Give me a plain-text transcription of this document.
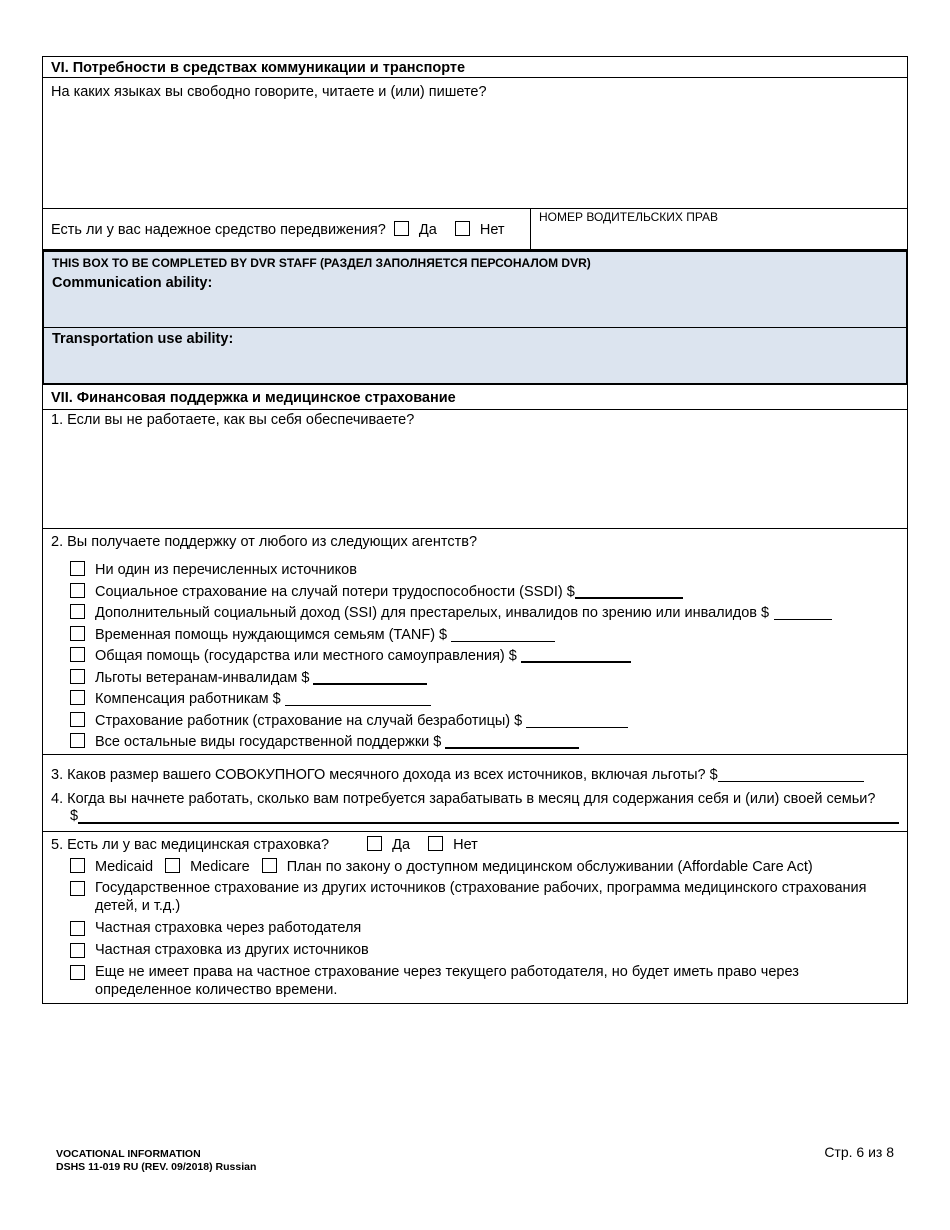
VI. Потребности в средствах коммуникации и транспорте
На каких языках вы свободно говорите, читаете и (или) пишете?
Есть ли у вас надежное средство передвижения? Да	Нет
НОМЕР ВОДИТЕЛЬСКИХ ПРАВ
THIS BOX TO BE COMPLETED BY DVR STAFF (РАЗДЕЛ ЗАПОЛНЯЕТСЯ ПЕРСОНАЛОМ DVR)
Communication ability:
Transportation use ability:
VII. Финансовая поддержка и медицинское страхование
1. Если вы не работаете, как вы себя обеспечиваете?
2. Вы получаете поддержку от любого из следующих агентств?
Ни один из перечисленных источников
Социальное страхование на случай потери трудоспособности (SSDI) $
Дополнительный социальный доход (SSI) для престарелых, инвалидов по зрению или инвалидов $
Временная помощь нуждающимся семьям (TANF) $
Общая помощь (государства или местного самоуправления) $
Льготы ветеранам-инвалидам $
Компенсация работникам $
Страхование работник (страхование на случай безработицы) $
Все остальные виды государственной поддержки $
3. Каков размер вашего СОВОКУПНОГО месячного дохода из всех источников, включая льготы? $
4. Когда вы начнете работать, сколько вам потребуется зарабатывать в месяц для содержания себя и (или) своей семьи?
$
5. Есть ли у вас медицинская страховка?	Да	Нет
Medicaid	Medicare	План по закону о доступном медицинском обслуживании (Affordable Care Act)
Государственное страхование из других источников (страхование рабочих, программа медицинского страхования детей, и т.д.)
Частная страховка через работодателя
Частная страховка из других источников
Еще не имеет права на частное страхование через текущего работодателя, но будет иметь право через определенное количество времени.
VOCATIONAL INFORMATION
DSHS 11-019 RU (REV. 09/2018) Russian
Стр. 6 из 8
